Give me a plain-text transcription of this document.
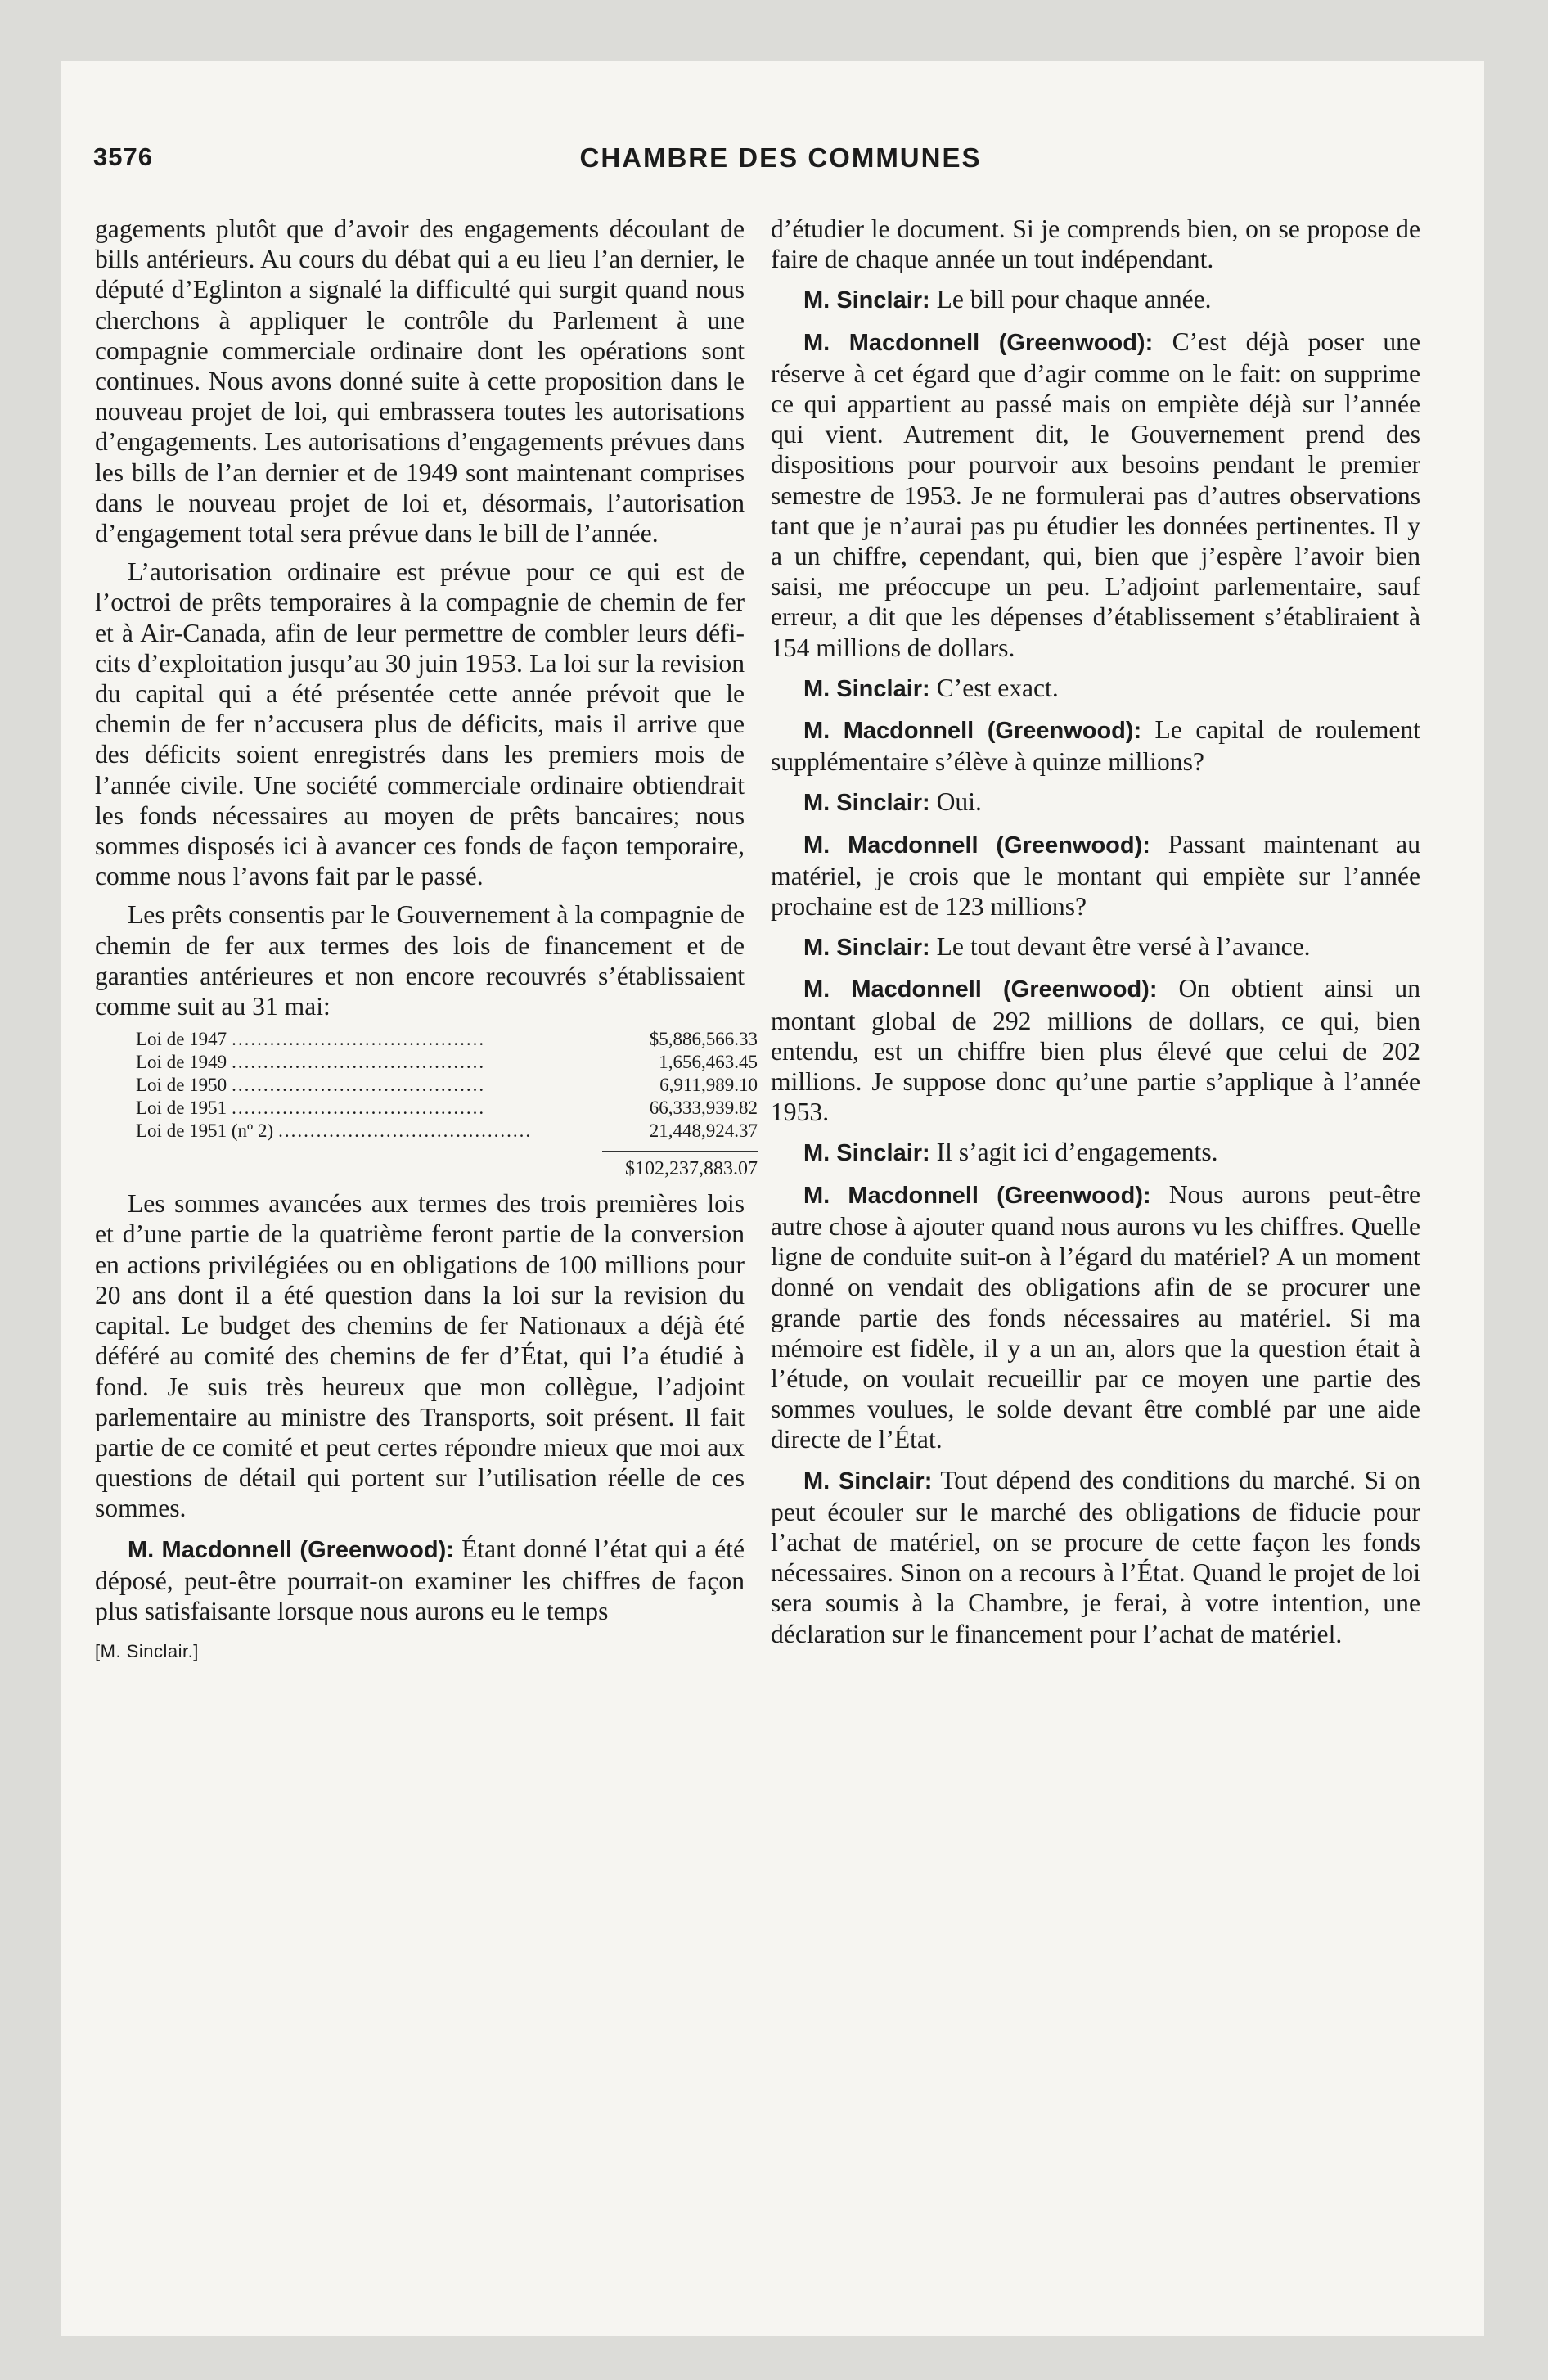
3576	CHAMBRE DES COMMUNES

gagements plutôt que d’avoir des engagements découlant de bills antérieurs. Au cours du débat qui a eu lieu l’an dernier, le député d’Eglinton a signalé la difficulté qui surgit quand nous cherchons à appliquer le contrôle du Parlement à une compagnie commerciale ordinaire dont les opérations sont continues. Nous avons donné suite à cette proposition dans le nouveau projet de loi, qui embrassera toutes les autorisations d’engagements. Les autorisations d’engagements prévues dans les bills de l’an dernier et de 1949 sont maintenant comprises dans le nouveau projet de loi et, désormais, l’autorisation d’engagement total sera prévue dans le bill de l’année.

L’autorisation ordinaire est prévue pour ce qui est de l’octroi de prêts temporaires à la compagnie de chemin de fer et à Air-Canada, afin de leur permettre de combler leurs déficits d’exploitation jusqu’au 30 juin 1953. La loi sur la revision du capital qui a été présentée cette année prévoit que le chemin de fer n’accusera plus de déficits, mais il arrive que des déficits soient enregistrés dans les premiers mois de l’année civile. Une société commerciale ordinaire obtiendrait les fonds nécessaires au moyen de prêts bancaires; nous sommes disposés ici à avancer ces fonds de façon temporaire, comme nous l’avons fait par le passé.

Les prêts consentis par le Gouvernement à la compagnie de chemin de fer aux termes des lois de financement et de garanties antérieures et non encore recouvrés s’établissaient comme suit au 31 mai:

Loi de 1947 ........................................	$5,886,566.33
Loi de 1949 ........................................	1,656,463.45
Loi de 1950 ........................................	6,911,989.10
Loi de 1951 ........................................	66,333,939.82
Loi de 1951 (nº 2) ........................................	21,448,924.37
$102,237,883.07

Les sommes avancées aux termes des trois premières lois et d’une partie de la quatrième feront partie de la conversion en actions privilégiées ou en obligations de 100 millions pour 20 ans dont il a été question dans la loi sur la revision du capital. Le budget des chemins de fer Nationaux a déjà été déféré au comité des chemins de fer d’État, qui l’a étudié à fond. Je suis très heureux que mon collègue, l’adjoint parlementaire au ministre des Transports, soit présent. Il fait partie de ce comité et peut certes répondre mieux que moi aux questions de détail qui portent sur l’utilisation réelle de ces sommes.

M. Macdonnell (Greenwood): Étant donné l’état qui a été déposé, peut-être pourrait-on examiner les chiffres de façon plus satisfaisante lorsque nous aurons eu le temps

[M. Sinclair.]

d’étudier le document. Si je comprends bien, on se propose de faire de chaque année un tout indépendant.

M. Sinclair: Le bill pour chaque année.

M. Macdonnell (Greenwood): C’est déjà poser une réserve à cet égard que d’agir comme on le fait: on supprime ce qui appartient au passé mais on empiète déjà sur l’année qui vient. Autrement dit, le Gouvernement prend des dispositions pour pourvoir aux besoins pendant le premier semestre de 1953. Je ne formulerai pas d’autres observations tant que je n’aurai pas pu étudier les données pertinentes. Il y a un chiffre, cependant, qui, bien que j’espère l’avoir bien saisi, me préoccupe un peu. L’adjoint parlementaire, sauf erreur, a dit que les dépenses d’établissement s’établiraient à 154 millions de dollars.

M. Sinclair: C’est exact.

M. Macdonnell (Greenwood): Le capital de roulement supplémentaire s’élève à quinze millions?

M. Sinclair: Oui.

M. Macdonnell (Greenwood): Passant maintenant au matériel, je crois que le montant qui empiète sur l’année prochaine est de 123 millions?

M. Sinclair: Le tout devant être versé à l’avance.

M. Macdonnell (Greenwood): On obtient ainsi un montant global de 292 millions de dollars, ce qui, bien entendu, est un chiffre bien plus élevé que celui de 202 millions. Je suppose donc qu’une partie s’applique à l’année 1953.

M. Sinclair: Il s’agit ici d’engagements.

M. Macdonnell (Greenwood): Nous aurons peut-être autre chose à ajouter quand nous aurons vu les chiffres. Quelle ligne de conduite suit-on à l’égard du matériel? A un moment donné on vendait des obligations afin de se procurer une grande partie des fonds nécessaires au matériel. Si ma mémoire est fidèle, il y a un an, alors que la question était à l’étude, on voulait recueillir par ce moyen une partie des sommes voulues, le solde devant être comblé par une aide directe de l’État.

M. Sinclair: Tout dépend des conditions du marché. Si on peut écouler sur le marché des obligations de fiducie pour l’achat de matériel, on se procure de cette façon les fonds nécessaires. Sinon on a recours à l’État. Quand le projet de loi sera soumis à la Chambre, je ferai, à votre intention, une déclaration sur le financement pour l’achat de matériel.
